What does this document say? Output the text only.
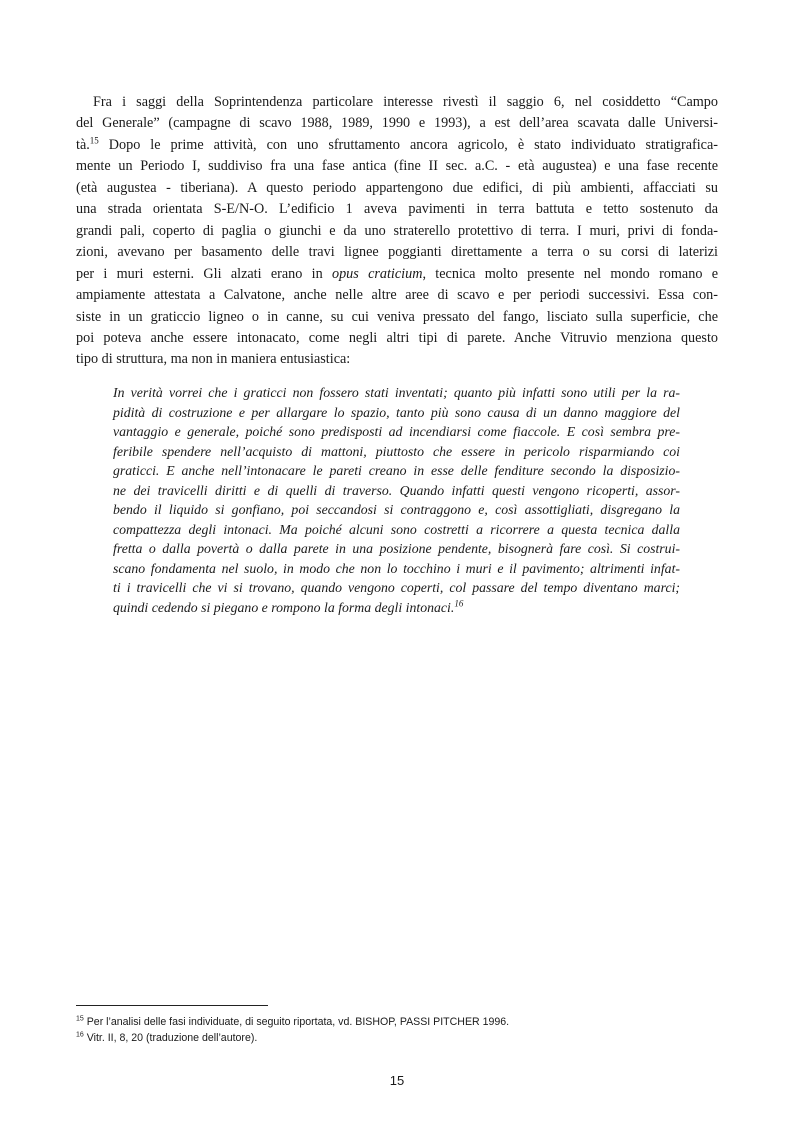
Fra i saggi della Soprintendenza particolare interesse rivestì il saggio 6, nel cosiddetto “Campo
del Generale” (campagne di scavo 1988, 1989, 1990 e 1993), a est dell’area scavata dalle Universi-
tà.$^{15}$ Dopo le prime attività, con uno sfruttamento ancora agricolo, è stato individuato stratigrafica-
mente un Periodo I, suddiviso fra una fase antica (fine II sec. a.C. - età augustea) e una fase recente
(età augustea - tiberiana). A questo periodo appartengono due edifici, di più ambienti, affacciati su
una strada orientata S-E/N-O. L’edificio 1 aveva pavimenti in terra battuta e tetto sostenuto da
grandi pali, coperto di paglia o giunchi e da uno straterello protettivo di terra. I muri, privi di fonda-
zioni, avevano per basamento delle travi lignee poggianti direttamente a terra o su corsi di laterizi
per i muri esterni. Gli alzati erano in opus craticium, tecnica molto presente nel mondo romano e
ampiamente attestata a Calvatone, anche nelle altre aree di scavo e per periodi successivi. Essa con-
siste in un graticcio ligneo o in canne, su cui veniva pressato del fango, lisciato sulla superficie, che
poi poteva anche essere intonacato, come negli altri tipi di parete. Anche Vitruvio menziona questo
tipo di struttura, ma non in maniera entusiastica:
In verità vorrei che i graticci non fossero stati inventati; quanto più infatti sono utili per la ra-
pidità di costruzione e per allargare lo spazio, tanto più sono causa di un danno maggiore del
vantaggio e generale, poiché sono predisposti ad incendiarsi come fiaccole. E così sembra pre-
feribile spendere nell’acquisto di mattoni, piuttosto che essere in pericolo risparmiando coi
graticci. E anche nell’intonacare le pareti creano in esse delle fenditure secondo la disposizio-
ne dei travicelli diritti e di quelli di traverso. Quando infatti questi vengono ricoperti, assor-
bendo il liquido si gonfiano, poi seccandosi si contraggono e, così assottigliati, disgregano la
compattezza degli intonaci. Ma poiché alcuni sono costretti a ricorrere a questa tecnica dalla
fretta o dalla povertà o dalla parete in una posizione pendente, bisognerà fare così. Si costrui-
scano fondamenta nel suolo, in modo che non lo tocchino i muri e il pavimento; altrimenti infat-
ti i travicelli che vi si trovano, quando vengono coperti, col passare del tempo diventano marci;
quindi cedendo si piegano e rompono la forma degli intonaci.$^{16}$
$^{15}$ Per l’analisi delle fasi individuate, di seguito riportata, vd. BISHOP, PASSI PITCHER 1996.
$^{16}$ Vitr. II, 8, 20 (traduzione dell’autore).
15
